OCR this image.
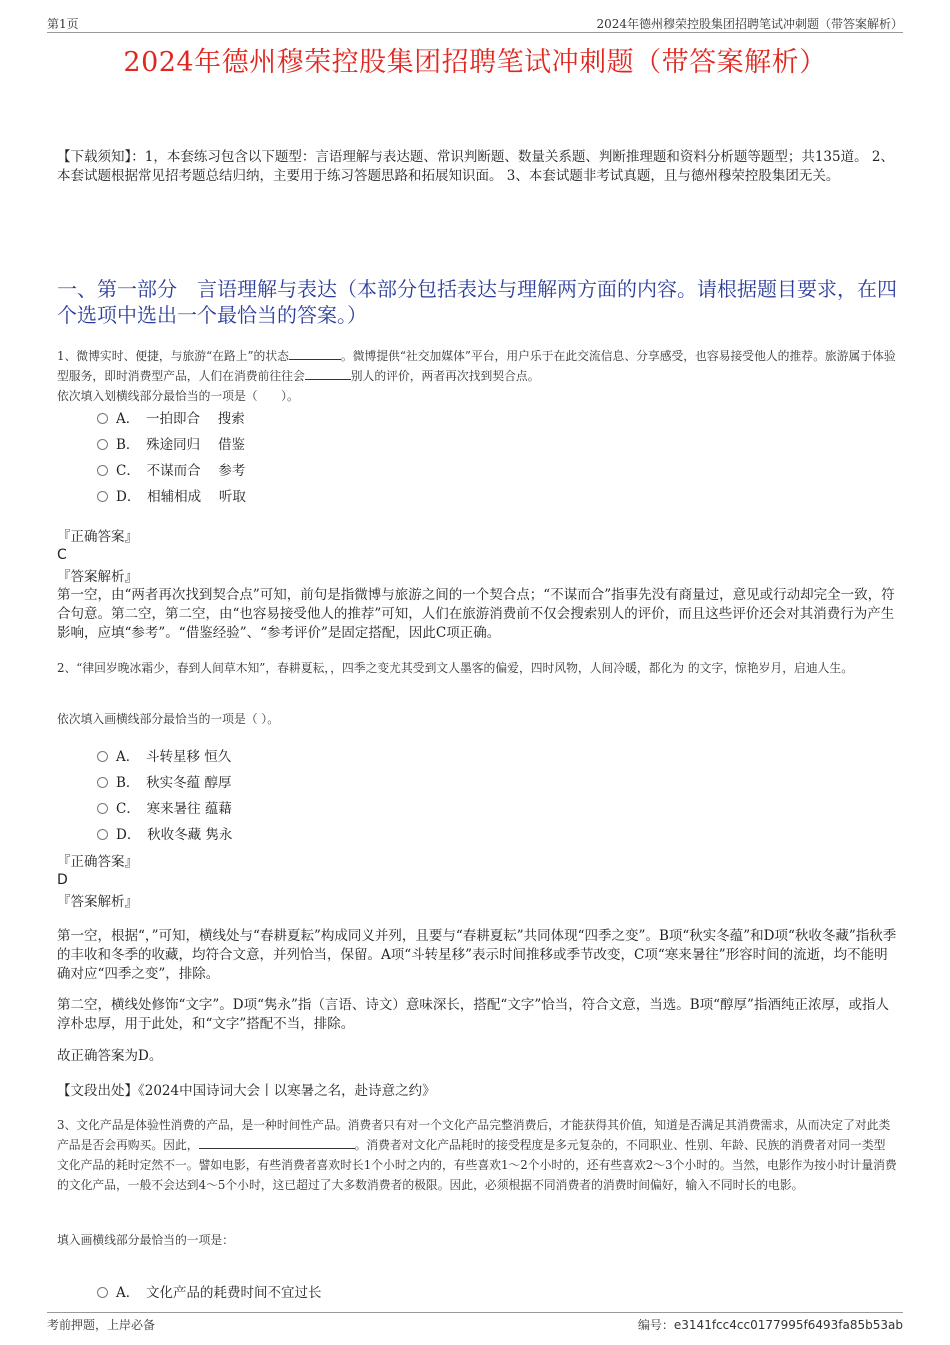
第1页	2024年德州穆荣控股集团招聘笔试冲刺题（带答案解析）
2024年德州穆荣控股集团招聘笔试冲刺题（带答案解析）
【下载须知】：1，本套练习包含以下题型：言语理解与表达题、常识判断题、数量关系题、判断推理题和资料分析题等题型；共135道。 2、本套试题根据常见招考题总结归纳，主要用于练习答题思路和拓展知识面。 3、本套试题非考试真题，且与德州穆荣控股集团无关。
一、第一部分　言语理解与表达（本部分包括表达与理解两方面的内容。请根据题目要求，在四个选项中选出一个最恰当的答案。）
1、微博实时、便捷，与旅游“在路上”的状态	。微博提供“社交加媒体”平台，用户乐于在此交流信息、分享感受，也容易接受他人的推荐。旅游属于体验型服务，即时消费型产品，人们在消费前往往会	别人的评价，两者再次找到契合点。
依次填入划横线部分最恰当的一项是（　　）。
A．　一拍即合　 搜索
B．　殊途同归　 借鉴
C．　不谋而合　 参考
D．　相辅相成　 听取
『正确答案』
C
『答案解析』
第一空，由“两者再次找到契合点”可知，前句是指微博与旅游之间的一个契合点；“不谋而合”指事先没有商量过，意见或行动却完全一致，符合句意。第二空，第二空，由“也容易接受他人的推荐”可知，人们在旅游消费前不仅会搜索别人的评价，而且这些评价还会对其消费行为产生影响，应填“参考”。“借鉴经验”、“参考评价”是固定搭配，因此C项正确。
2、“律回岁晚冰霜少，春到人间草木知”，春耕夏耘，，四季之变尤其受到文人墨客的偏爱，四时风物，人间冷暖，都化为 的文字，惊艳岁月，启迪人生。
依次填入画横线部分最恰当的一项是（ ）。
A．　斗转星移 恒久
B．　秋实冬蕴 醇厚
C．　寒来暑往 蕴藉
D．　秋收冬藏 隽永
『正确答案』
D
『答案解析』
第一空，根据“，”可知，横线处与“春耕夏耘”构成同义并列，且要与“春耕夏耘”共同体现“四季之变”。B项“秋实冬蕴”和D项“秋收冬藏”指秋季的丰收和冬季的收藏，均符合文意，并列恰当，保留。A项“斗转星移”表示时间推移或季节改变，C项“寒来暑往”形容时间的流逝，均不能明确对应“四季之变”，排除。
第二空，横线处修饰“文字”。D项“隽永”指（言语、诗文）意味深长，搭配“文字”恰当，符合文意，当选。B项“醇厚”指酒纯正浓厚，或指人淳朴忠厚，用于此处，和“文字”搭配不当，排除。
故正确答案为D。
【文段出处】《2024中国诗词大会丨以寒暑之名，赴诗意之约》
3、文化产品是体验性消费的产品，是一种时间性产品。消费者只有对一个文化产品完整消费后，才能获得其价值，知道是否满足其消费需求，从而决定了对此类产品是否会再购买。因此，	。消费者对文化产品耗时的接受程度是多元复杂的，不同职业、性别、年龄、民族的消费者对同一类型文化产品的耗时定然不一。譬如电影，有些消费者喜欢时长1个小时之内的，有些喜欢1～2个小时的，还有些喜欢2～3个小时的。当然，电影作为按小时计量消费的文化产品，一般不会达到4～5个小时，这已超过了大多数消费者的极限。因此，必须根据不同消费者的消费时间偏好，输入不同时长的电影。
填入画横线部分最恰当的一项是：
A．　文化产品的耗费时间不宜过长
考前押题，上岸必备	编号：e3141fcc4cc0177995f6493fa85b53ab
